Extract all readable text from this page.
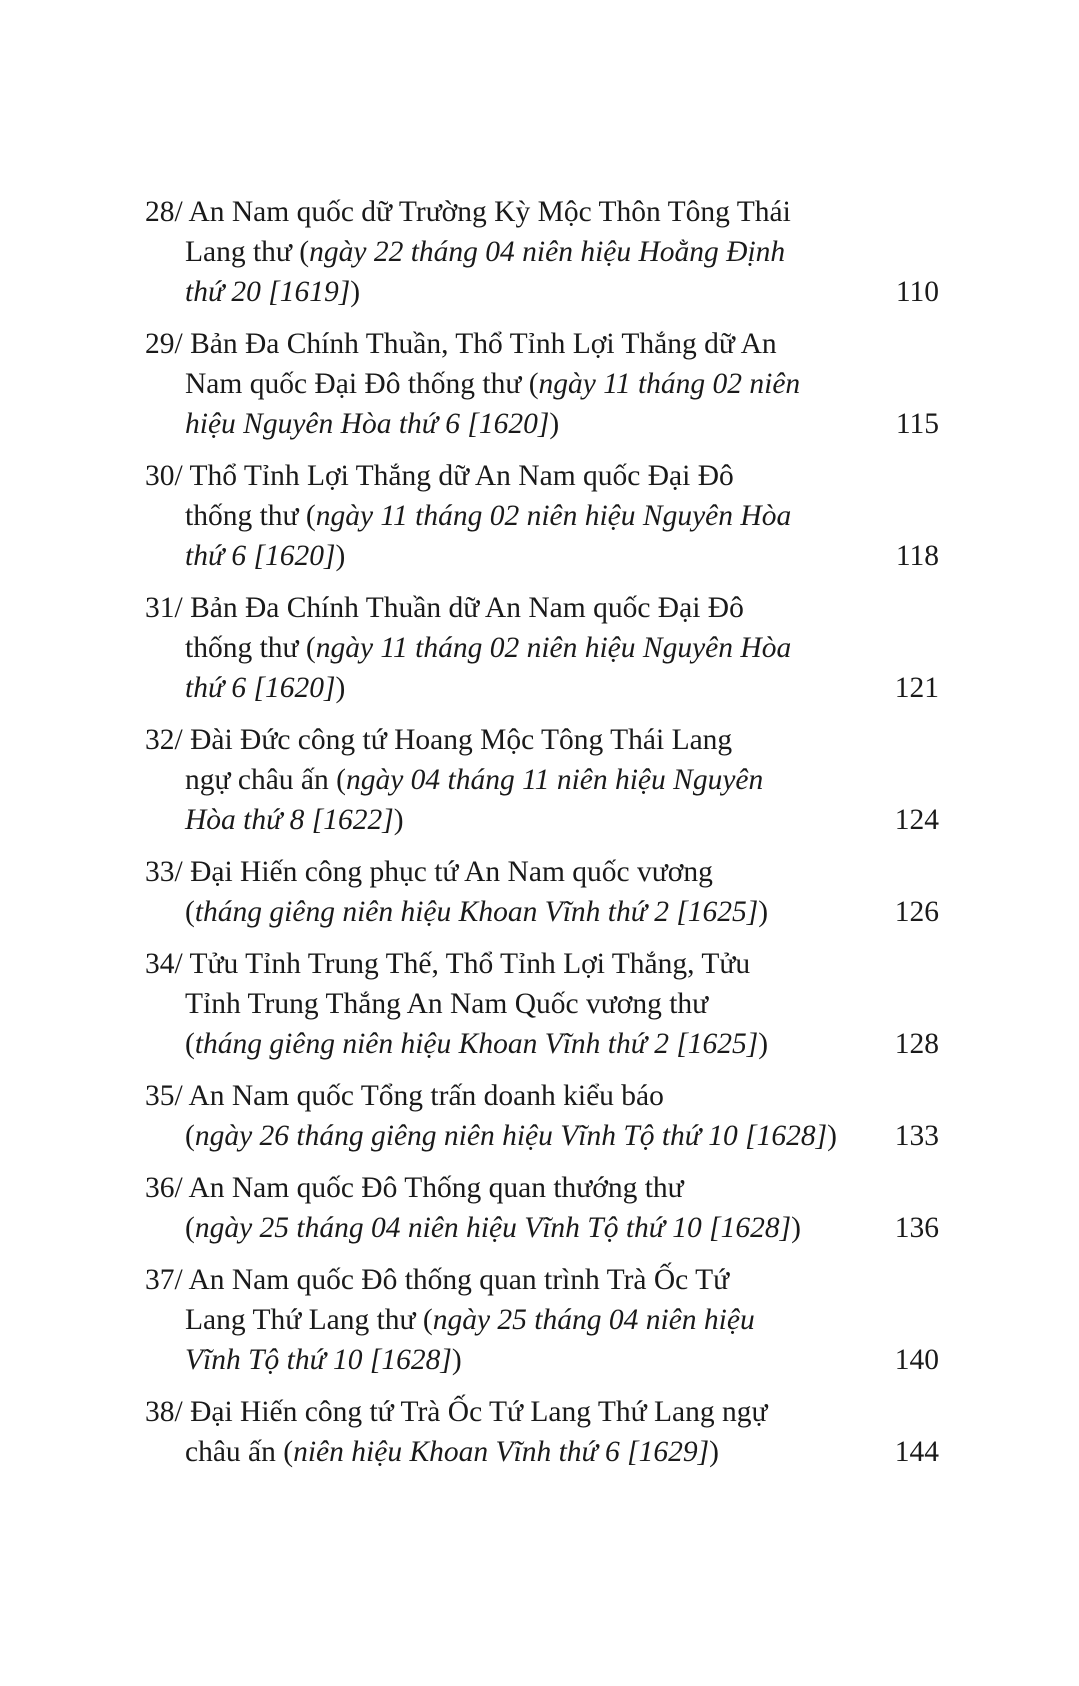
28/ An Nam quốc dữ Trường Kỳ Mộc Thôn Tông Thái
Lang thư (ngày 22 tháng 04 niên hiệu Hoằng Định
thứ 20 [1619])	110
29/ Bản Đa Chính Thuần, Thổ Tỉnh Lợi Thắng dữ An
Nam quốc Đại Đô thống thư (ngày 11 tháng 02 niên
hiệu Nguyên Hòa thứ 6 [1620])	115
30/ Thổ Tỉnh Lợi Thắng dữ An Nam quốc Đại Đô
thống thư (ngày 11 tháng 02 niên hiệu Nguyên Hòa
thứ 6 [1620])	118
31/ Bản Đa Chính Thuần dữ An Nam quốc Đại Đô
thống thư (ngày 11 tháng 02 niên hiệu Nguyên Hòa
thứ 6 [1620])	121
32/ Đài Đức công tứ Hoang Mộc Tông Thái Lang
ngự châu ấn (ngày 04 tháng 11 niên hiệu Nguyên
Hòa thứ 8 [1622])	124
33/ Đại Hiến công phục tứ An Nam quốc vương
(tháng giêng niên hiệu Khoan Vĩnh thứ 2 [1625])	126
34/ Tửu Tỉnh Trung Thế, Thổ Tỉnh Lợi Thắng, Tửu
Tỉnh Trung Thắng An Nam Quốc vương thư
(tháng giêng niên hiệu Khoan Vĩnh thứ 2 [1625])	128
35/ An Nam quốc Tổng trấn doanh kiểu báo
(ngày 26 tháng giêng niên hiệu Vĩnh Tộ thứ 10 [1628])	133
36/ An Nam quốc Đô Thống quan thướng thư
(ngày 25 tháng 04 niên hiệu Vĩnh Tộ thứ 10 [1628])	136
37/ An Nam quốc Đô thống quan trình Trà Ốc Tứ
Lang Thứ Lang thư (ngày 25 tháng 04 niên hiệu
Vĩnh Tộ thứ 10 [1628])	140
38/ Đại Hiến công tứ Trà Ốc Tứ Lang Thứ Lang ngự
châu ấn (niên hiệu Khoan Vĩnh thứ 6 [1629])	144
